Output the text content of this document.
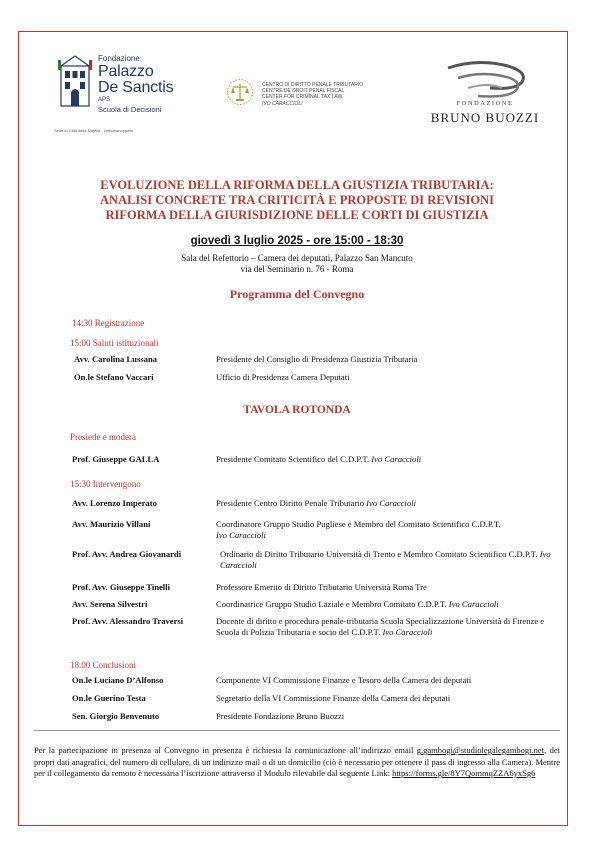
Fondazione
Palazzo
De Sanctis
APS
Scuola di Decisioni
Sede in Città della Majella - Lettomanoppello
CENTRO DI DIRITTO PENALE TRIBUTARIO
CENTRE DE DROIT PENAL FISCAL
CENTER FOR CRIMINAL TAX LAW
IVO CARACCIOLI	FONDAZIONE
BRUNO BUOZZI
EVOLUZIONE DELLA RIFORMA DELLA GIUSTIZIA TRIBUTARIA:
ANALISI CONCRETE TRA CRITICITÀ E PROPOSTE DI REVISIONI
RIFORMA DELLA GIURISDIZIONE DELLE CORTI DI GIUSTIZIA
giovedì 3 luglio 2025 - ore 15:00 - 18:30
Sala del Refettorio – Camera dei deputati, Palazzo San Mancuto
via del Seminario n. 76 - Roma
Programma del Convegno
14:30 Registrazione
15:00 Saluti istituzionali
Avv. Carolina Lussana	Presidente del Consiglio di Presidenza Giustizia Tributaria
On.le Stefano Vaccari	Ufficio di Presidenza Camera Deputati
TAVOLA ROTONDA
Presiede e modera
Prof. Giuseppe GALLA	Presidente Comitato Scientifico del C.D.P.T. Ivo Caraccioli
15:30 Intervengono
Avv. Lorenzo Imperato	Presidente Centro Diritto Penale Tributario Ivo Caraccioli
Avv. Maurizio Villani	Coordinatore Gruppo Studio Pugliese e Membro del Comitato Scientifico C.D.P.T.
Ivo Caraccioli
Prof. Avv. Andrea Giovanardi	Ordinario di Diritto Tributario Università di Trento e Membro Comitato Scientifico C.D.P.T. Ivo Caraccioli
Prof. Avv. Giuseppe Tinelli	Professore Emerito di Diritto Tributario Università Roma Tre
Avv. Serena Silvestri	Coordinatrice Gruppo Studio Laziale e Membro Comitato C.D.P.T. Ivo Caraccioli
Prof. Avv. Alessandro Traversi	Docente di diritto e procedura penale-tributaria Scuola Specializzazione Università di Firenze e Scuola di Polizia Tributaria e socio del C.D.P.T. Ivo Caraccioli
18.00 Conclusioni
On.le Luciano D’Alfonso	Componente VI Commissione Finanze e Tesoro della Camera dei deputati
On.le Guerino Testa	Segretario della VI Commissione Finanze della Camera dei deputati
Sen. Giorgio Benvenuto	Presidente Fondazione Bruno Buozzi
Per la partecipazione in presenza al Convegno in presenza è richiesta la comunicazione all’indirizzo email g.gambogi@studiolegalegambogi.net, dei propri dati anagrafici, del numero di cellulare, di un indirizzo mail o di un domicilio (ciò è necessario per ottenere il pass di ingresso alla Camera). Mentre per il collegamento da remoto è necessaria l’iscrizione attraverso il Modulo rilevabile dal seguente Link: https://forms.gle/8Y7QommqZZA6yxSg6
